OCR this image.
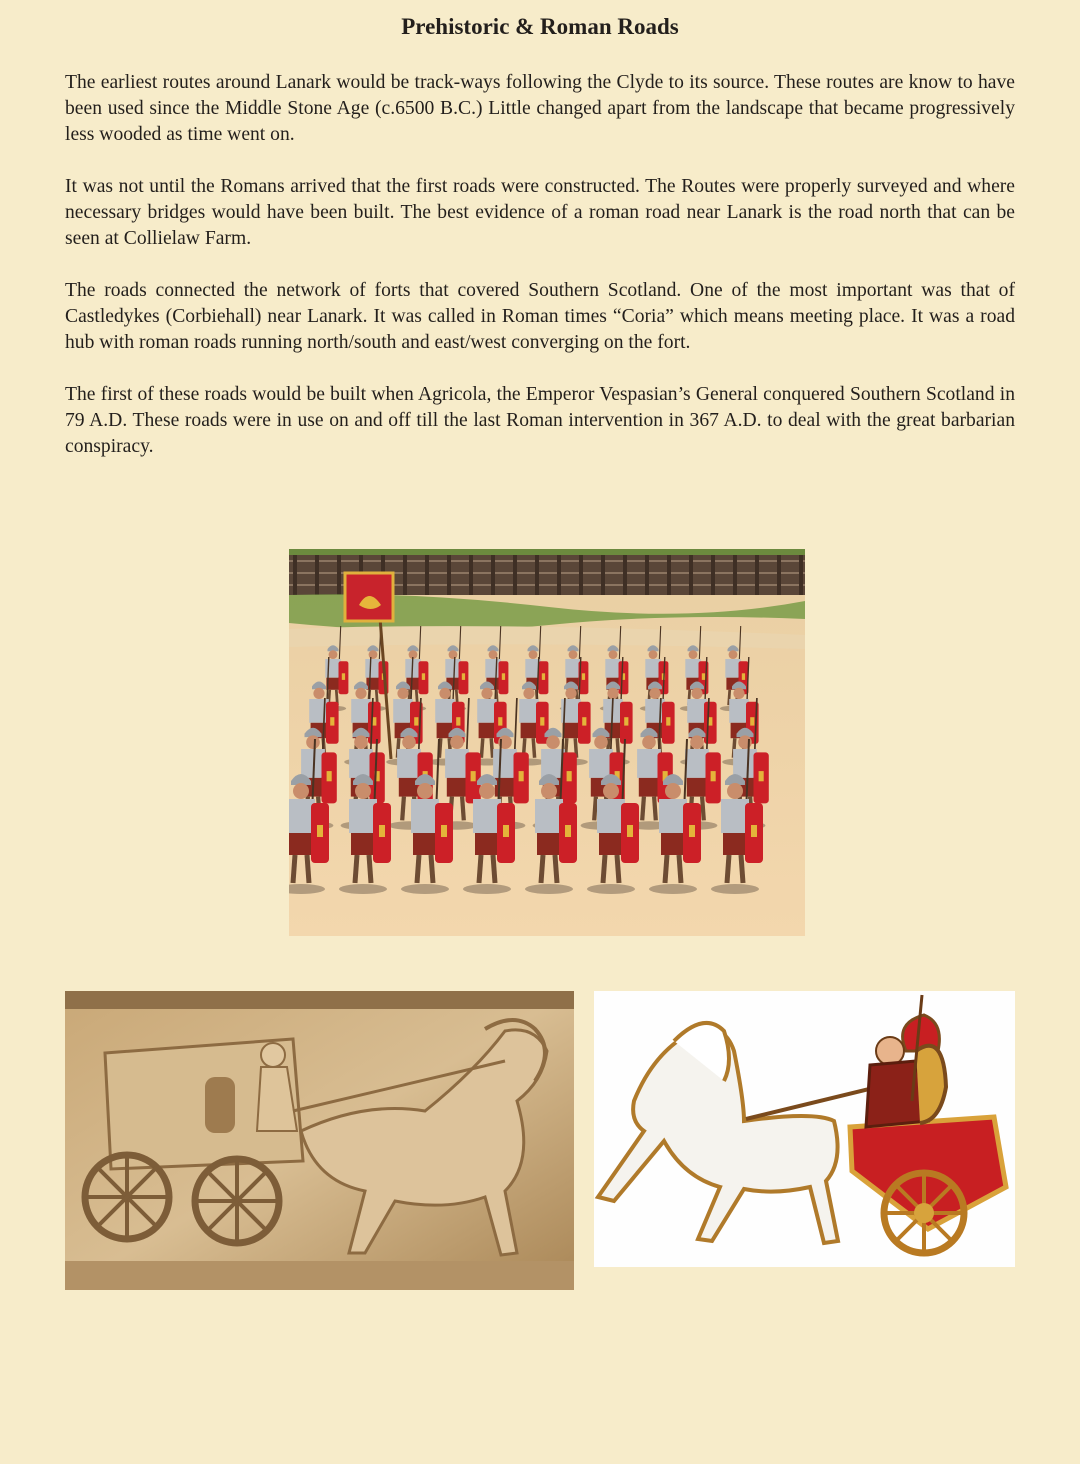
Prehistoric & Roman Roads

The earliest routes around Lanark would be track-ways following the Clyde to its source. These routes are know to have been used since the Middle Stone Age (c.6500 B.C.) Little changed apart from the landscape that became progressively less wooded as time went on.

It was not until the Romans arrived that the first roads were constructed. The Routes were properly surveyed and where necessary bridges would have been built. The best evidence of a roman road near Lanark is the road north that can be seen at Collielaw Farm.

The roads connected the network of forts that covered Southern Scotland. One of the most important was that of Castledykes (Corbiehall) near Lanark. It was called in Roman times “Coria” which means meeting place. It was a road hub with roman roads running north/south and east/west converging on the fort.

The first of these roads would be built when Agricola, the Emperor Vespasian’s General conquered Southern Scotland in 79 A.D. These roads were in use on and off till the last Roman intervention in 367 A.D. to deal with the great barbarian conspiracy.
